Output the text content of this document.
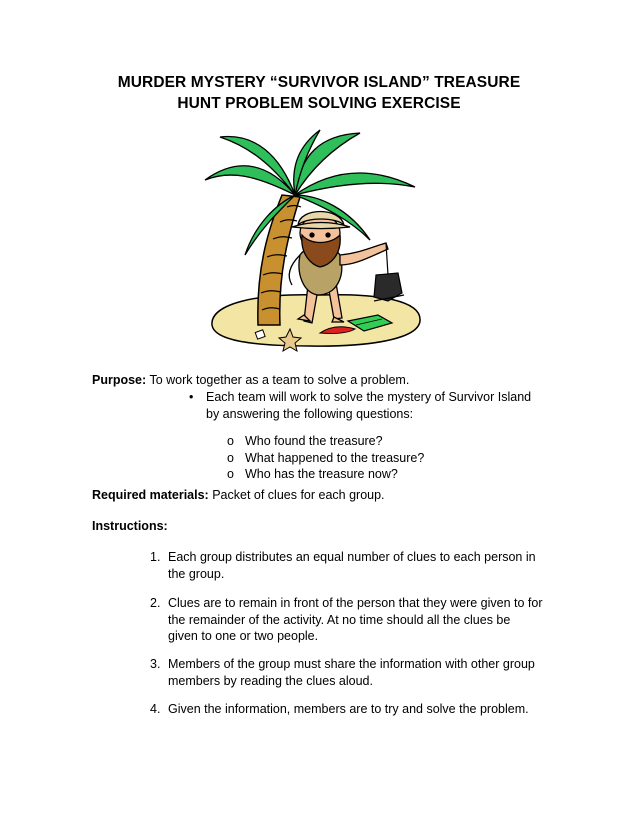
MURDER MYSTERY “SURVIVOR ISLAND” TREASURE
HUNT PROBLEM SOLVING EXERCISE
Purpose: To work together as a team to solve a problem.
• Each team will work to solve the mystery of Survivor Island
by answering the following questions:
o Who found the treasure?
o What happened to the treasure?
o Who has the treasure now?
Required materials: Packet of clues for each group.
Instructions:
1. Each group distributes an equal number of clues to each person in
the group.
2. Clues are to remain in front of the person that they were given to for
the remainder of the activity. At no time should all the clues be
given to one or two people.
3. Members of the group must share the information with other group
members by reading the clues aloud.
4. Given the information, members are to try and solve the problem.
